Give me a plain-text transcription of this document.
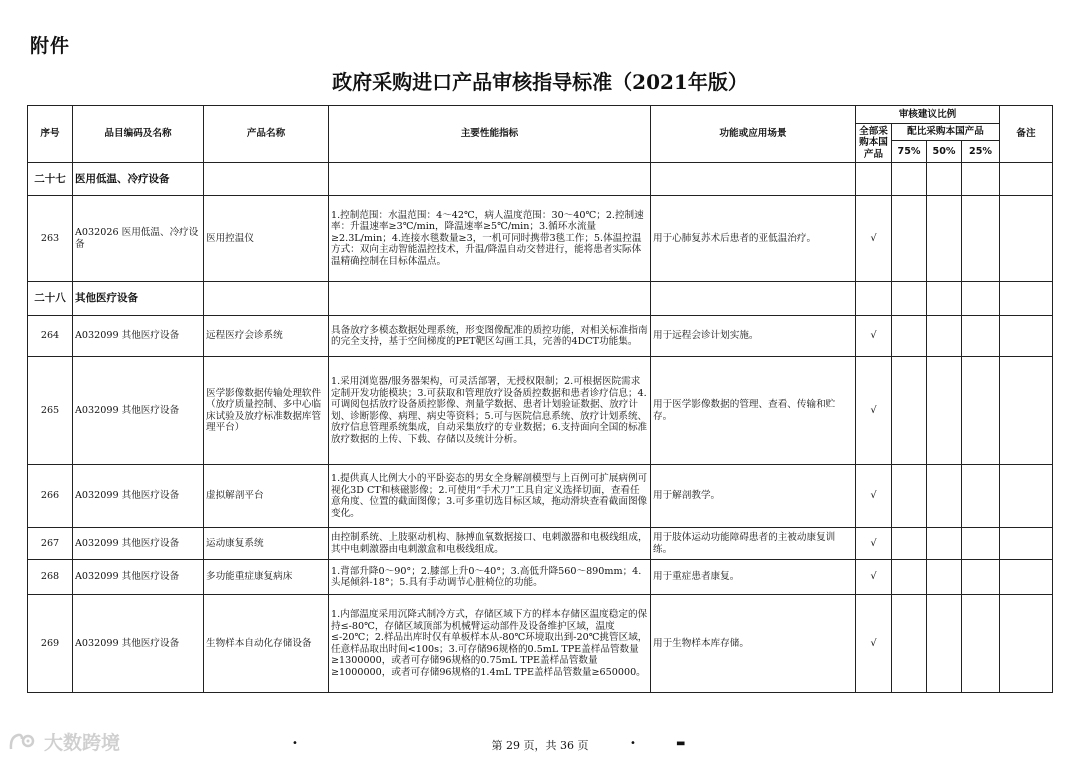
附件
政府采购进口产品审核指导标准（2021年版）
序号	品目编码及名称	产品名称	主要性能指标	功能或应用场景	审核建议比例				备注
					全部采购本国产品	配比采购本国产品			
						75%	50%	25%	
二十七	医用低温、冷疗设备								
263	A032026 医用低温、冷疗设备	医用控温仪	1.控制范围：水温范围：4～42℃，病人温度范围：30～40℃；2.控制速率：升温速率≥3℃/min，降温速率≥5℃/min；3.循环水流量≥2.3L/min；4.连接水毯数量≥3，一机可同时携带3毯工作；5.体温控温方式：双向主动智能温控技术，升温/降温自动交替进行，能将患者实际体温精确控制在目标体温点。	用于心肺复苏术后患者的亚低温治疗。	√				
二十八	其他医疗设备								
264	A032099 其他医疗设备	远程医疗会诊系统	具备放疗多模态数据处理系统，形变图像配准的质控功能，对相关标准指南的完全支持，基于空间梯度的PET靶区勾画工具，完善的4DCT功能集。	用于远程会诊计划实施。	√				
265	A032099 其他医疗设备	医学影像数据传输处理软件（放疗质量控制、多中心临床试验及放疗标准数据库管理平台）	1.采用浏览器/服务器架构，可灵活部署，无授权限制；2.可根据医院需求定制开发功能模块；3.可获取和管理放疗设备质控数据和患者诊疗信息；4.可调阅包括放疗设备质控影像、剂量学数据、患者计划验证数据、放疗计划、诊断影像、病理、病史等资料；5.可与医院信息系统、放疗计划系统、放疗信息管理系统集成，自动采集放疗的专业数据；6.支持面向全国的标准放疗数据的上传、下载、存储以及统计分析。	用于医学影像数据的管理、查看、传输和贮存。	√				
266	A032099 其他医疗设备	虚拟解剖平台	1.提供真人比例大小的平卧姿态的男女全身解剖模型与上百例可扩展病例可视化3D CT和核磁影像；2.可使用“手术刀”工具自定义选择切面，查看任意角度、位置的截面图像；3.可多重切选目标区域，拖动滑块查看截面图像变化。	用于解剖教学。	√				
267	A032099 其他医疗设备	运动康复系统	由控制系统、上肢驱动机构、脉搏血氧数据接口、电刺激器和电极线组成，其中电刺激器由电刺激盒和电极线组成。	用于肢体运动功能障碍患者的主被动康复训练。	√				
268	A032099 其他医疗设备	多功能重症康复病床	1.背部升降0～90°；2.膝部上升0～40°；3.高低升降560～890mm；4.头尾倾斜-18°；5.具有手动调节心脏椅位的功能。	用于重症患者康复。	√				
269	A032099 其他医疗设备	生物样本自动化存储设备	1.内部温度采用沉降式制冷方式，存储区域下方的样本存储区温度稳定的保持≤-80℃，存储区域顶部为机械臂运动部件及设备维护区域，温度≤-20℃；2.样品出库时仅有单板样本从-80℃环境取出到-20℃挑管区域，任意样品取出时间<100s；3.可存储96规格的0.5mL TPE盖样品管数量≥1300000，或者可存储96规格的0.75mL TPE盖样品管数量≥1000000，或者可存储96规格的1.4mL TPE盖样品管数量≥650000。	用于生物样本库存储。	√				
•	•	▬
第 29 页，共 36 页
大数跨境
